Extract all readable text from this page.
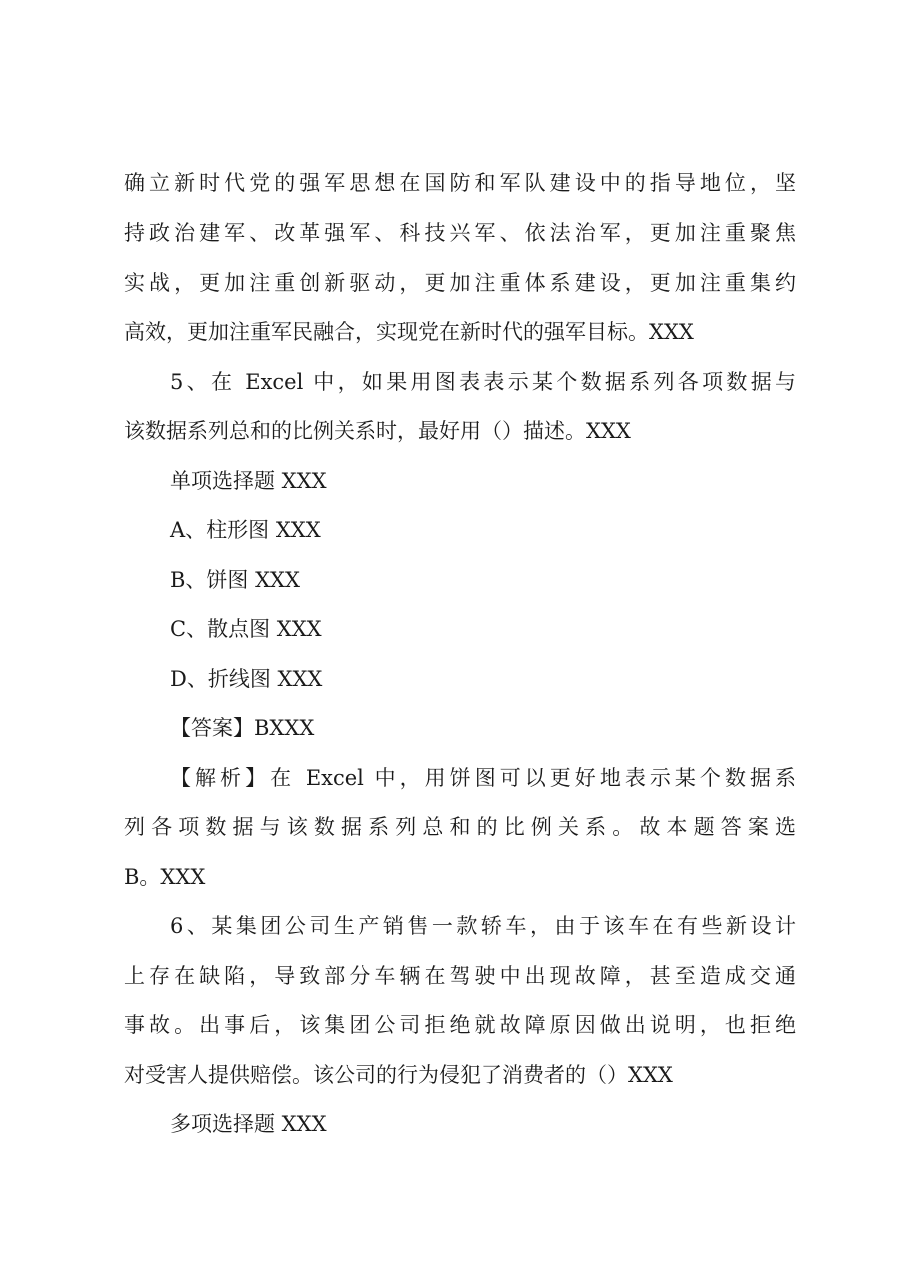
确立新时代党的强军思想在国防和军队建设中的指导地位，坚
持政治建军、改革强军、科技兴军、依法治军，更加注重聚焦
实战，更加注重创新驱动，更加注重体系建设，更加注重集约
高效，更加注重军民融合，实现党在新时代的强军目标。XXX
5、在 Excel 中，如果用图表表示某个数据系列各项数据与
该数据系列总和的比例关系时，最好用（）描述。XXX
单项选择题 XXX
A、柱形图 XXX
B、饼图 XXX
C、散点图 XXX
D、折线图 XXX
【答案】BXXX
【解析】在 Excel 中，用饼图可以更好地表示某个数据系
列各项数据与该数据系列总和的比例关系。故本题答案选
B。XXX
6、某集团公司生产销售一款轿车，由于该车在有些新设计
上存在缺陷，导致部分车辆在驾驶中出现故障，甚至造成交通
事故。出事后，该集团公司拒绝就故障原因做出说明，也拒绝
对受害人提供赔偿。该公司的行为侵犯了消费者的（）XXX
多项选择题 XXX
